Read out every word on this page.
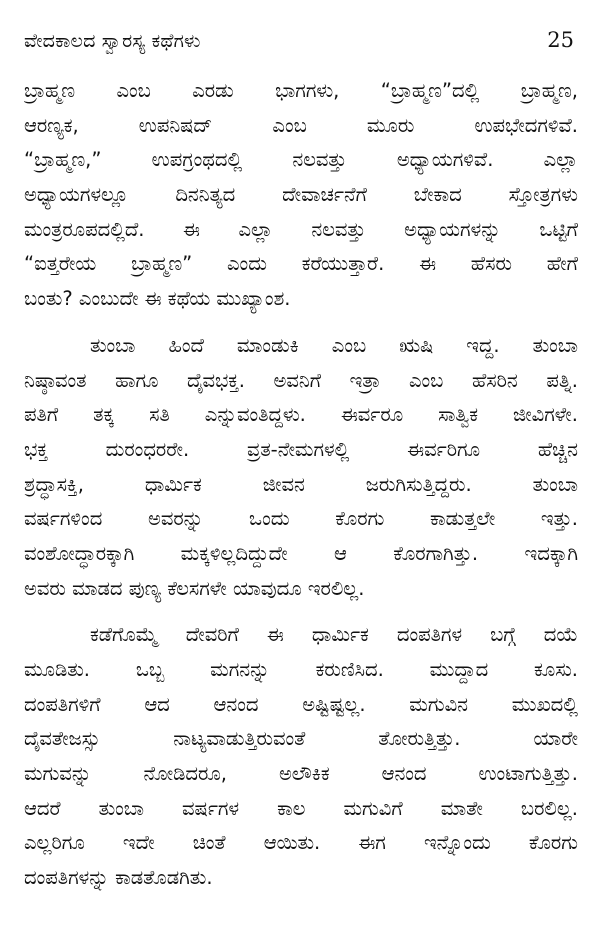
ವೇದಕಾಲದ ಸ್ವಾರಸ್ಯ ಕಥೆಗಳು	25

ಬ್ರಾಹ್ಮಣ ಎಂಬ ಎರಡು ಭಾಗಗಳು, “ಬ್ರಾಹ್ಮಣ”ದಲ್ಲಿ ಬ್ರಾಹ್ಮಣ,
ಆರಣ್ಯಕ, ಉಪನಿಷದ್ ಎಂಬ ಮೂರು ಉಪಭೇದಗಳಿವೆ.
“ಬ್ರಾಹ್ಮಣ,” ಉಪಗ್ರಂಥದಲ್ಲಿ ನಲವತ್ತು ಅಧ್ಯಾಯಗಳಿವೆ. ಎಲ್ಲಾ
ಅಧ್ಯಾಯಗಳಲ್ಲೂ ದಿನನಿತ್ಯದ ದೇವಾರ್ಚನೆಗೆ ಬೇಕಾದ ಸ್ತೋತ್ರಗಳು
ಮಂತ್ರರೂಪದಲ್ಲಿದೆ. ಈ ಎಲ್ಲಾ ನಲವತ್ತು ಅಧ್ಯಾಯಗಳನ್ನು ಒಟ್ಟಿಗೆ
“ಐತ್ತರೇಯ ಬ್ರಾಹ್ಮಣ” ಎಂದು ಕರೆಯುತ್ತಾರೆ. ಈ ಹೆಸರು ಹೇಗೆ
ಬಂತು? ಎಂಬುದೇ ಈ ಕಥೆಯ ಮುಖ್ಯಾಂಶ.

ತುಂಬಾ ಹಿಂದೆ ಮಾಂಡುಕಿ ಎಂಬ ಋಷಿ ಇದ್ದ. ತುಂಬಾ
ನಿಷ್ಠಾವಂತ ಹಾಗೂ ದೈವಭಕ್ತ. ಅವನಿಗೆ ಇತ್ರಾ ಎಂಬ ಹೆಸರಿನ ಪತ್ನಿ.
ಪತಿಗೆ ತಕ್ಕ ಸತಿ ಎನ್ನುವಂತಿದ್ದಳು. ಈರ್ವರೂ ಸಾತ್ವಿಕ ಜೀವಿಗಳೇ.
ಭಕ್ತ ದುರಂಧರರೇ. ವ್ರತ-ನೇಮಗಳಲ್ಲಿ ಈರ್ವರಿಗೂ ಹೆಚ್ಚಿನ
ಶ್ರದ್ಧಾಸಕ್ತಿ, ಧಾರ್ಮಿಕ ಜೀವನ ಜರುಗಿಸುತ್ತಿದ್ದರು. ತುಂಬಾ
ವರ್ಷಗಳಿಂದ ಅವರನ್ನು ಒಂದು ಕೊರಗು ಕಾಡುತ್ತಲೇ ಇತ್ತು.
ವಂಶೋದ್ಧಾರಕ್ಕಾಗಿ ಮಕ್ಕಳಿಲ್ಲದಿದ್ದುದೇ ಆ ಕೊರಗಾಗಿತ್ತು. ಇದಕ್ಕಾಗಿ
ಅವರು ಮಾಡದ ಪುಣ್ಯ ಕೆಲಸಗಳೇ ಯಾವುದೂ ಇರಲಿಲ್ಲ.

ಕಡೆಗೊಮ್ಮೆ ದೇವರಿಗೆ ಈ ಧಾರ್ಮಿಕ ದಂಪತಿಗಳ ಬಗ್ಗೆ ದಯೆ
ಮೂಡಿತು. ಒಬ್ಬ ಮಗನನ್ನು ಕರುಣಿಸಿದ. ಮುದ್ದಾದ ಕೂಸು.
ದಂಪತಿಗಳಿಗೆ ಆದ ಆನಂದ ಅಷ್ಟಿಷ್ಟಲ್ಲ. ಮಗುವಿನ ಮುಖದಲ್ಲಿ
ದೈವತೇಜಸ್ಸು ನಾಟ್ಯವಾಡುತ್ತಿರುವಂತೆ ತೋರುತ್ತಿತ್ತು. ಯಾರೇ
ಮಗುವನ್ನು ನೋಡಿದರೂ, ಅಲೌಕಿಕ ಆನಂದ ಉಂಟಾಗುತ್ತಿತ್ತು.
ಆದರೆ ತುಂಬಾ ವರ್ಷಗಳ ಕಾಲ ಮಗುವಿಗೆ ಮಾತೇ ಬರಲಿಲ್ಲ.
ಎಲ್ಲರಿಗೂ ಇದೇ ಚಿಂತೆ ಆಯಿತು. ಈಗ ಇನ್ನೊಂದು ಕೊರಗು
ದಂಪತಿಗಳನ್ನು ಕಾಡತೊಡಗಿತು.
